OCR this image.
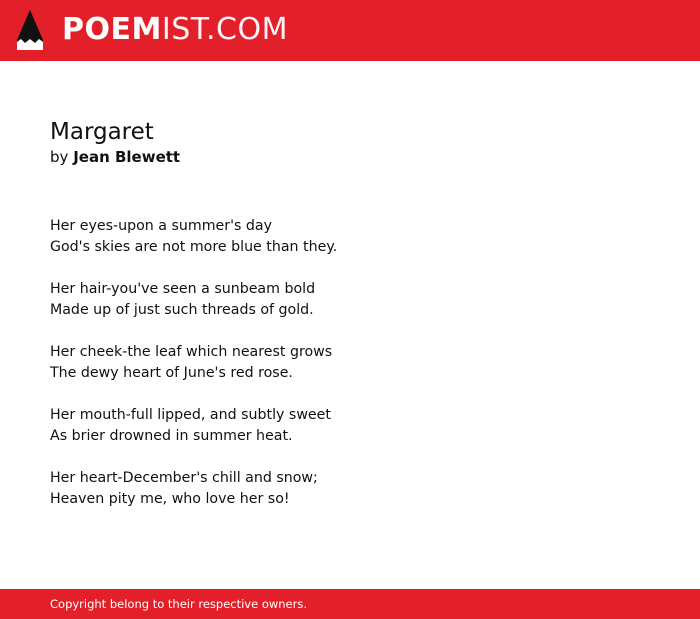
POEMIST.COM
Margaret
by Jean Blewett
Her eyes-upon a summer's day
God's skies are not more blue than they.
Her hair-you've seen a sunbeam bold
Made up of just such threads of gold.
Her cheek-the leaf which nearest grows
The dewy heart of June's red rose.
Her mouth-full lipped, and subtly sweet
As brier drowned in summer heat.
Her heart-December's chill and snow;
Heaven pity me, who love her so!
Copyright belong to their respective owners.
